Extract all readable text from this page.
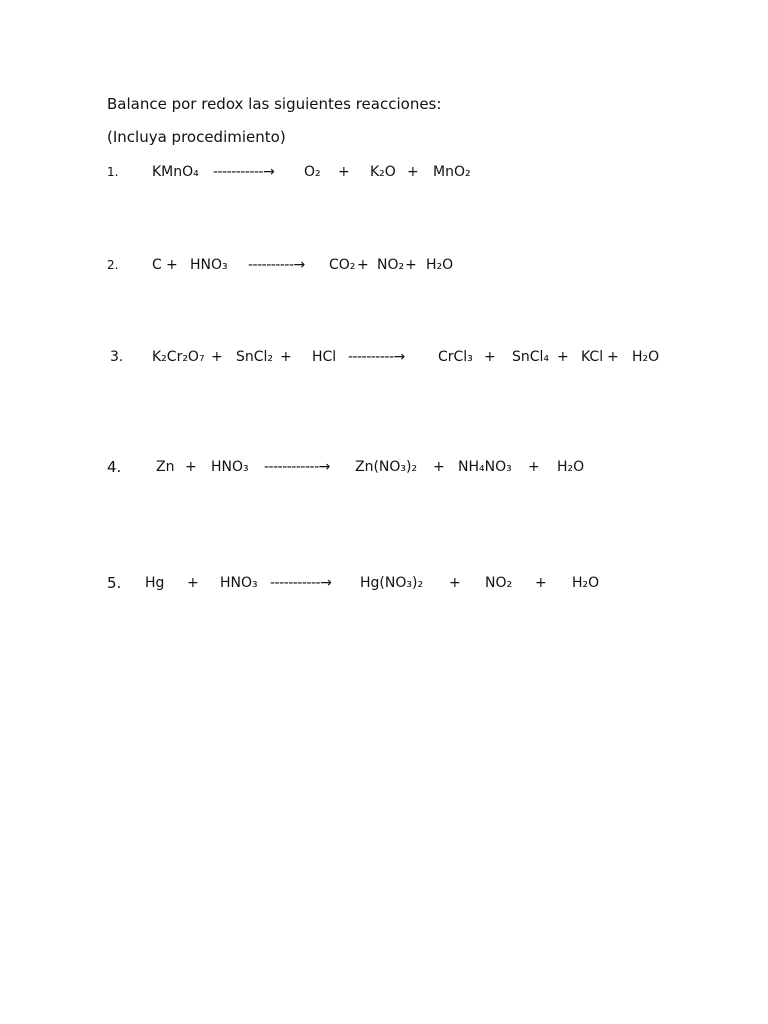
Balance por redox las siguientes reacciones:
(Incluya procedimiento)
1. KMnO₄ -----------→ O₂ + K₂O + MnO₂
2. C + HNO₃ ----------→ CO₂ + NO₂ + H₂O
3. K₂Cr₂O₇ + SnCl₂ + HCl ----------→ CrCl₃ + SnCl₄ + KCl + H₂O
4. Zn + HNO₃ ------------→ Zn(NO₃)₂ + NH₄NO₃ + H₂O
5. Hg + HNO₃ -----------→ Hg(NO₃)₂ + NO₂ + H₂O
